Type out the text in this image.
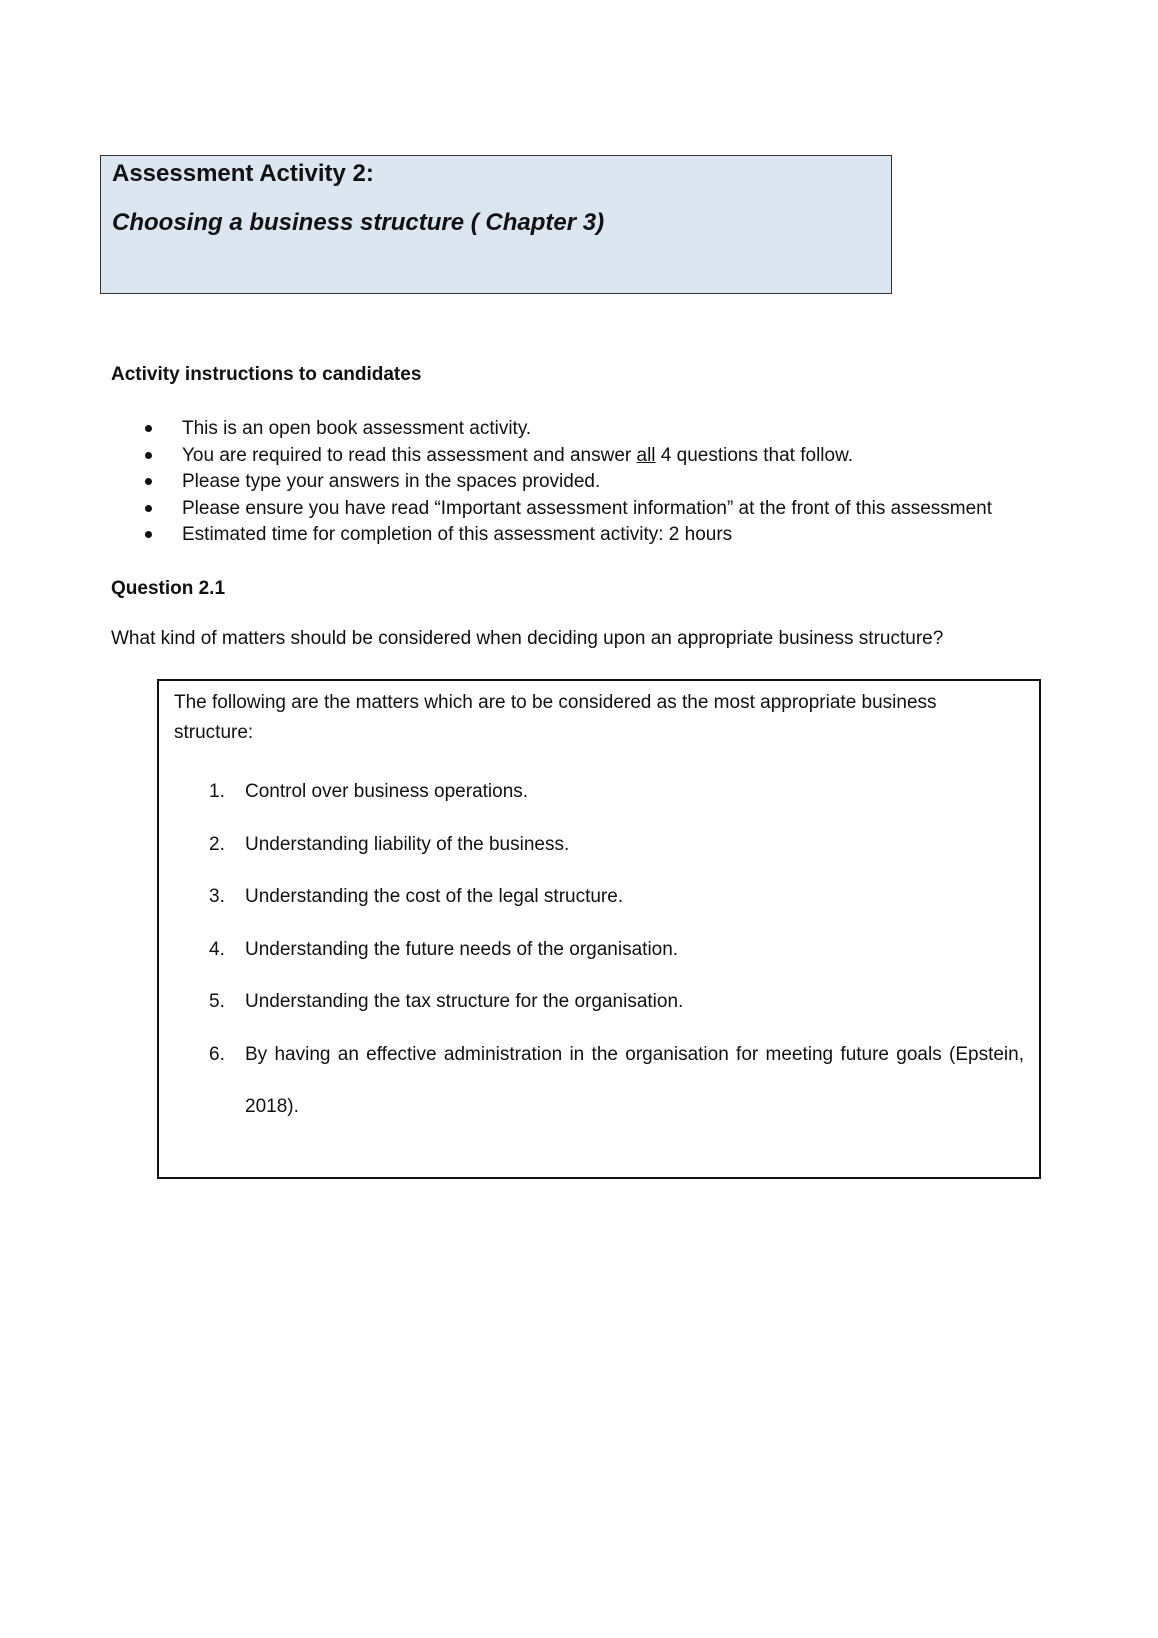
Assessment Activity 2:
Choosing a business structure ( Chapter 3)
Activity instructions to candidates
This is an open book assessment activity.
You are required to read this assessment and answer all 4 questions that follow.
Please type your answers in the spaces provided.
Please ensure you have read “Important assessment information” at the front of this assessment
Estimated time for completion of this assessment activity: 2 hours
Question 2.1
What kind of matters should be considered when deciding upon an appropriate business structure?
The following are the matters which are to be considered as the most appropriate business structure:
1. Control over business operations.
2. Understanding liability of the business.
3. Understanding the cost of the legal structure.
4. Understanding the future needs of the organisation.
5. Understanding the tax structure for the organisation.
6. By having an effective administration in the organisation for meeting future goals (Epstein, 2018).
